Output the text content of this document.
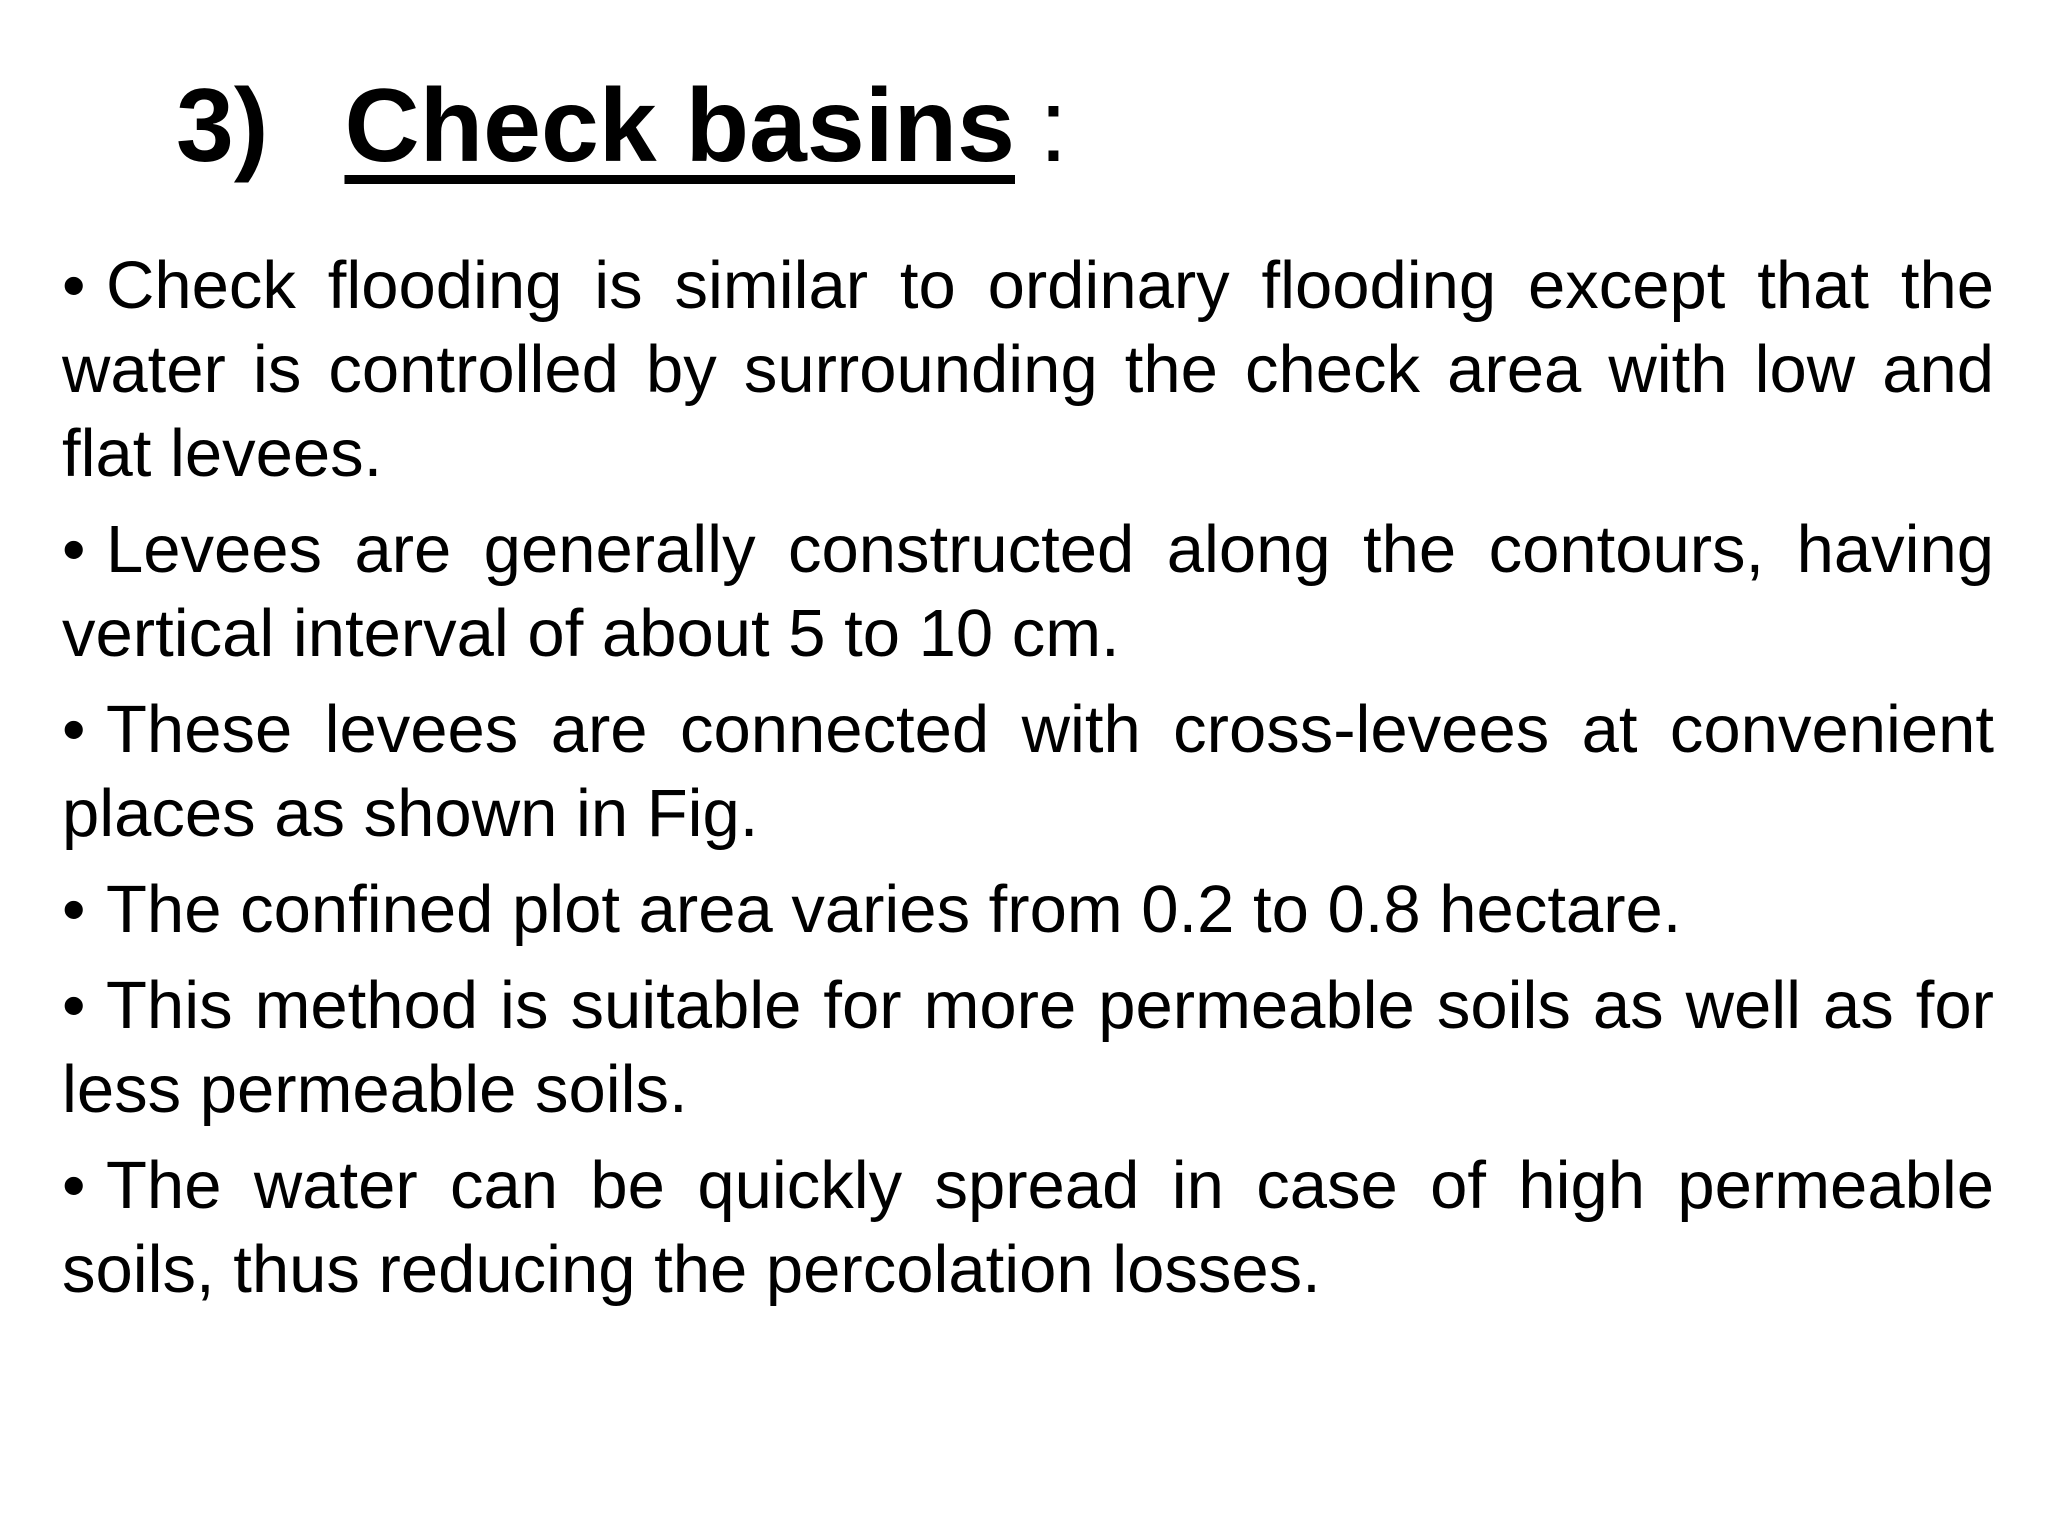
3) Check basins :
• Check flooding is similar to ordinary flooding except that the water is controlled by surrounding the check area with low and flat levees.
• Levees are generally constructed along the contours, having vertical interval of about 5 to 10 cm.
• These levees are connected with cross-levees at convenient places as shown in Fig.
• The confined plot area varies from 0.2 to 0.8 hectare.
• This method is suitable for more permeable soils as well as for less permeable soils.
• The water can be quickly spread in case of high permeable soils, thus reducing the percolation losses.
